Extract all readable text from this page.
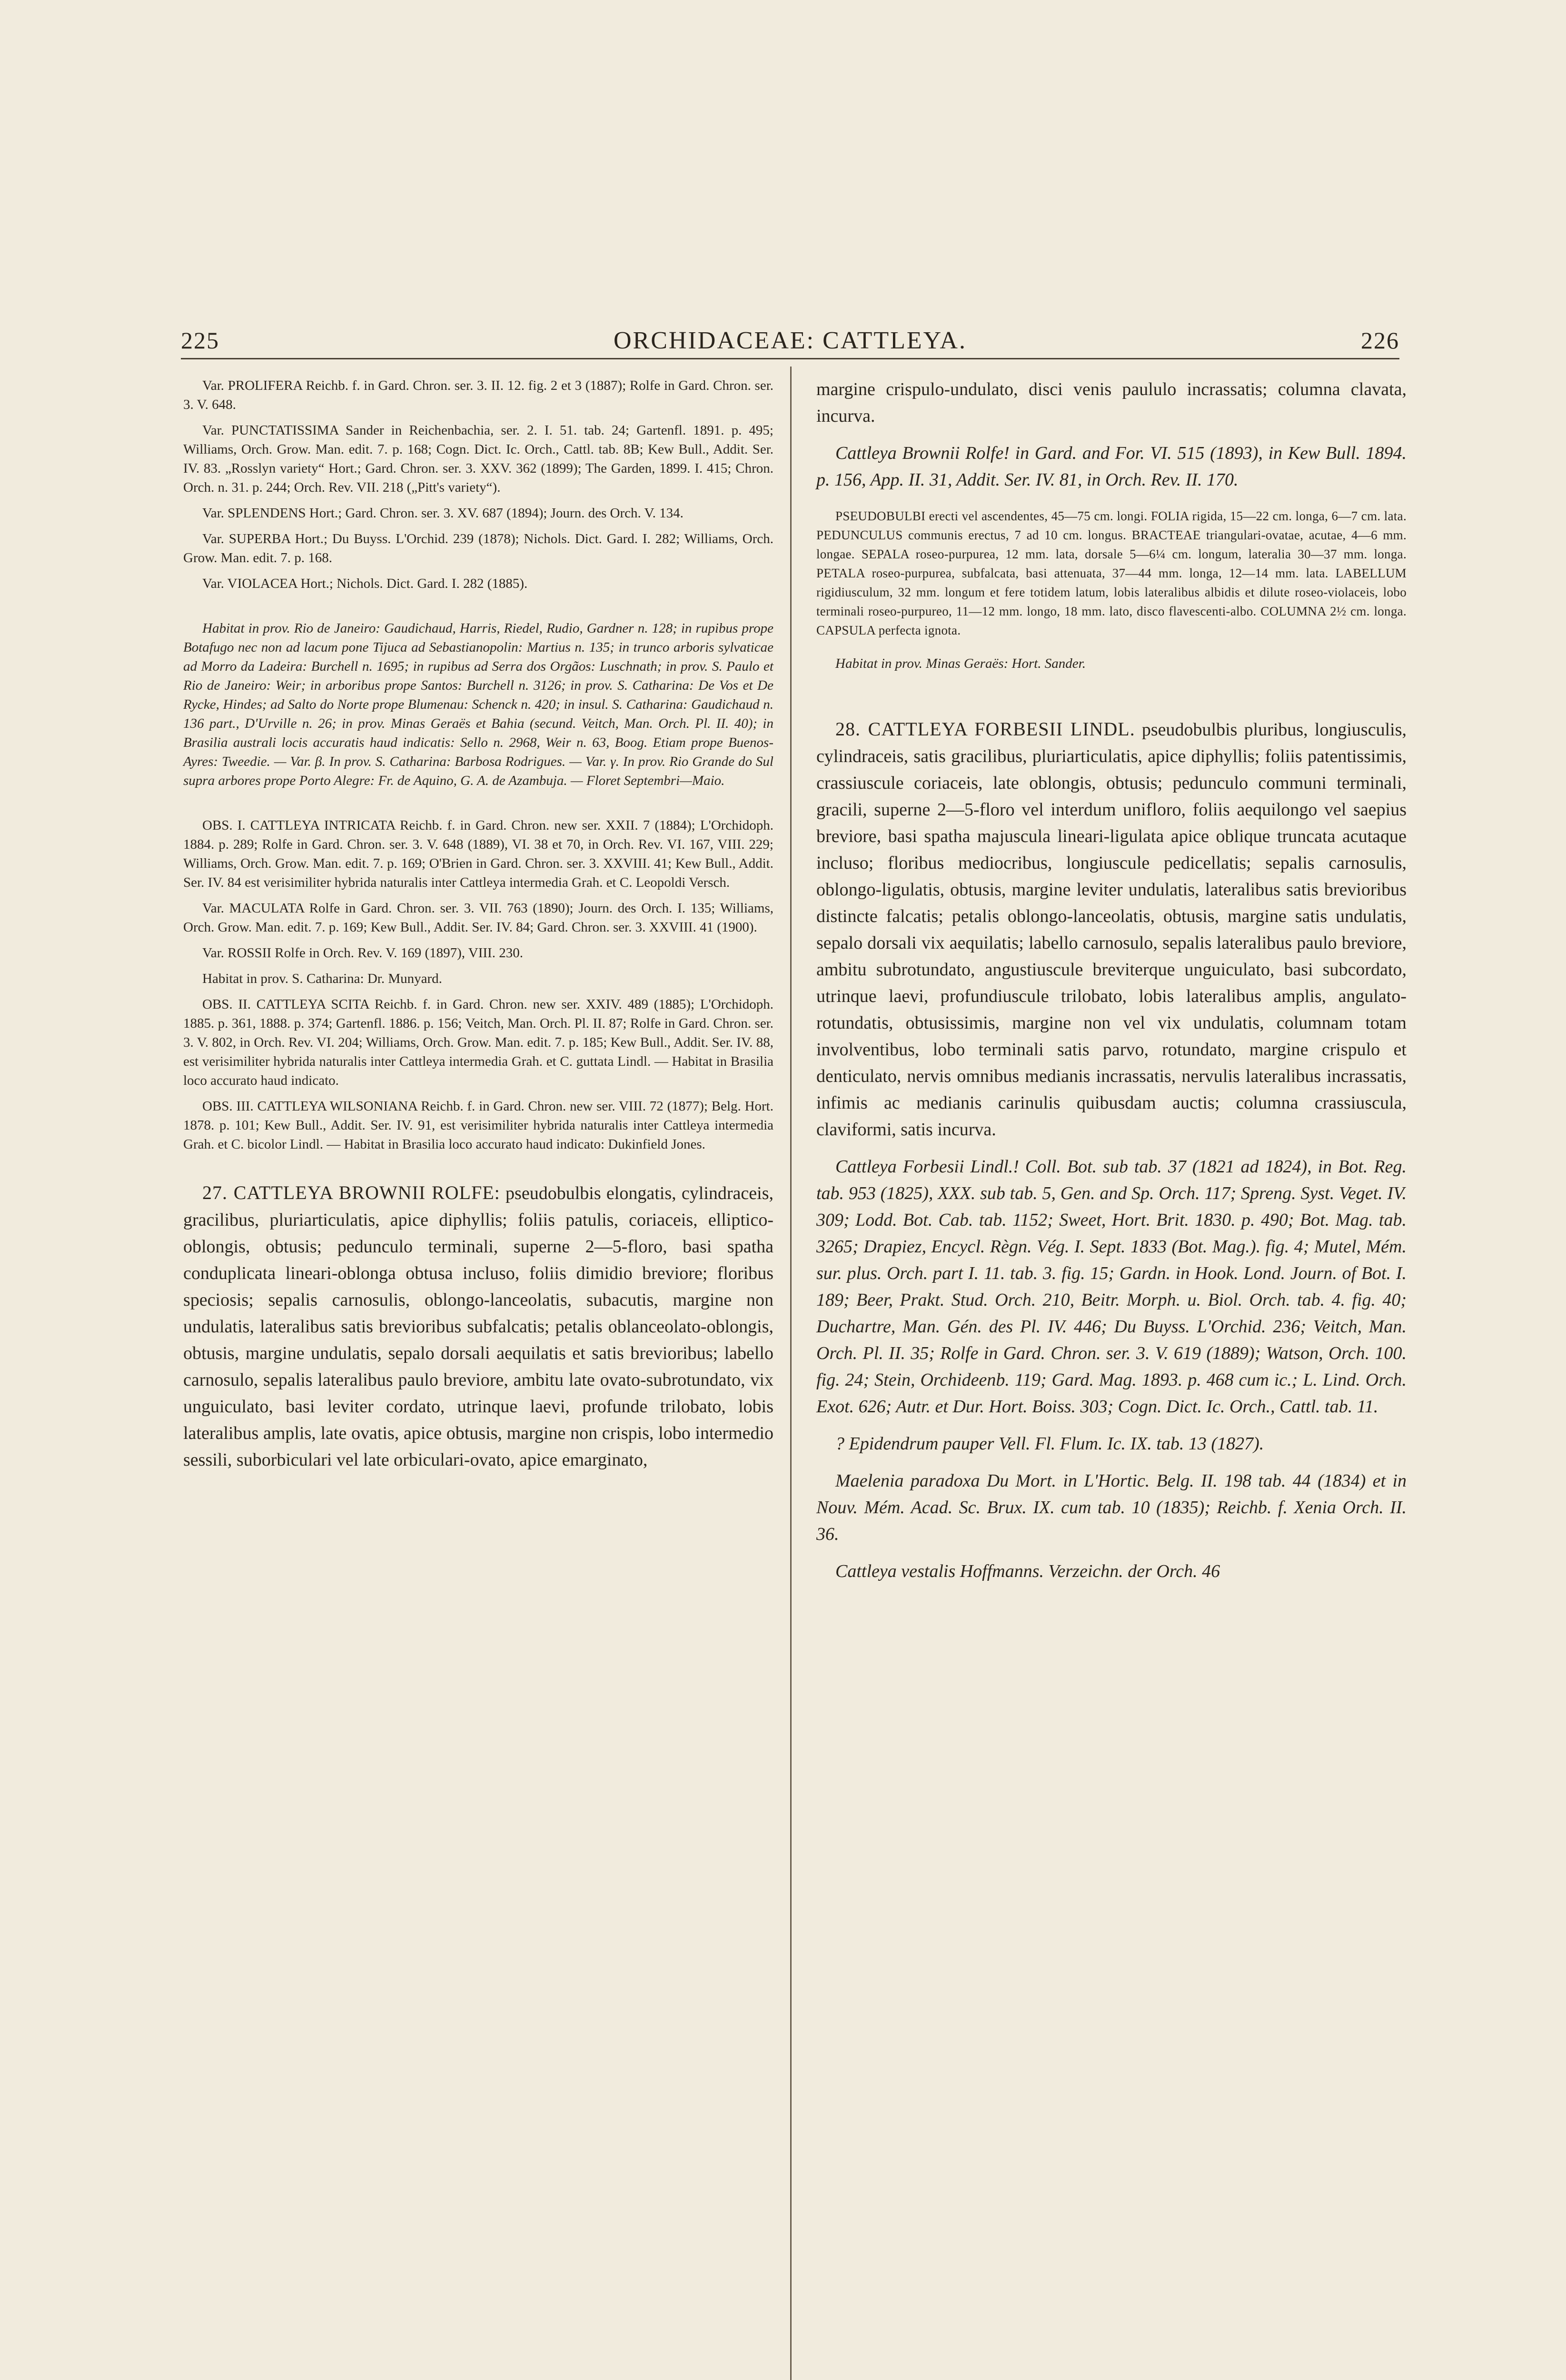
225	ORCHIDACEAE: CATTLEYA.	226

Var. PROLIFERA Reichb. f. in Gard. Chron. ser. 3. II. 12. fig. 2 et 3 (1887); Rolfe in Gard. Chron. ser. 3. V. 648.

Var. PUNCTATISSIMA Sander in Reichenbachia, ser. 2. I. 51. tab. 24; Gartenfl. 1891. p. 495; Williams, Orch. Grow. Man. edit. 7. p. 168; Cogn. Dict. Ic. Orch., Cattl. tab. 8B; Kew Bull., Addit. Ser. IV. 83. „Rosslyn variety“ Hort.; Gard. Chron. ser. 3. XXV. 362 (1899); The Garden, 1899. I. 415; Chron. Orch. n. 31. p. 244; Orch. Rev. VII. 218 („Pitt's variety“).

Var. SPLENDENS Hort.; Gard. Chron. ser. 3. XV. 687 (1894); Journ. des Orch. V. 134.

Var. SUPERBA Hort.; Du Buyss. L'Orchid. 239 (1878); Nichols. Dict. Gard. I. 282; Williams, Orch. Grow. Man. edit. 7. p. 168.

Var. VIOLACEA Hort.; Nichols. Dict. Gard. I. 282 (1885).

Habitat in prov. Rio de Janeiro: Gaudichaud, Harris, Riedel, Rudio, Gardner n. 128; in rupibus prope Botafugo nec non ad lacum pone Tijuca ad Sebastianopolin: Martius n. 135; in trunco arboris sylvaticae ad Morro da Ladeira: Burchell n. 1695; in rupibus ad Serra dos Orgãos: Luschnath; in prov. S. Paulo et Rio de Janeiro: Weir; in arboribus prope Santos: Burchell n. 3126; in prov. S. Catharina: De Vos et De Rycke, Hindes; ad Salto do Norte prope Blumenau: Schenck n. 420; in insul. S. Catharina: Gaudichaud n. 136 part., D'Urville n. 26; in prov. Minas Geraës et Bahia (secund. Veitch, Man. Orch. Pl. II. 40); in Brasilia australi locis accuratis haud indicatis: Sello n. 2968, Weir n. 63, Boog. Etiam prope Buenos-Ayres: Tweedie. — Var. β. In prov. S. Catharina: Barbosa Rodrigues. — Var. γ. In prov. Rio Grande do Sul supra arbores prope Porto Alegre: Fr. de Aquino, G. A. de Azambuja. — Floret Septembri—Maio.

OBS. I. CATTLEYA INTRICATA Reichb. f. in Gard. Chron. new ser. XXII. 7 (1884); L'Orchidoph. 1884. p. 289; Rolfe in Gard. Chron. ser. 3. V. 648 (1889), VI. 38 et 70, in Orch. Rev. VI. 167, VIII. 229; Williams, Orch. Grow. Man. edit. 7. p. 169; O'Brien in Gard. Chron. ser. 3. XXVIII. 41; Kew Bull., Addit. Ser. IV. 84 est verisimiliter hybrida naturalis inter Cattleya intermedia Grah. et C. Leopoldi Versch.

Var. MACULATA Rolfe in Gard. Chron. ser. 3. VII. 763 (1890); Journ. des Orch. I. 135; Williams, Orch. Grow. Man. edit. 7. p. 169; Kew Bull., Addit. Ser. IV. 84; Gard. Chron. ser. 3. XXVIII. 41 (1900).

Var. ROSSII Rolfe in Orch. Rev. V. 169 (1897), VIII. 230.

Habitat in prov. S. Catharina: Dr. Munyard.

OBS. II. CATTLEYA SCITA Reichb. f. in Gard. Chron. new ser. XXIV. 489 (1885); L'Orchidoph. 1885. p. 361, 1888. p. 374; Gartenfl. 1886. p. 156; Veitch, Man. Orch. Pl. II. 87; Rolfe in Gard. Chron. ser. 3. V. 802, in Orch. Rev. VI. 204; Williams, Orch. Grow. Man. edit. 7. p. 185; Kew Bull., Addit. Ser. IV. 88, est verisimiliter hybrida naturalis inter Cattleya intermedia Grah. et C. guttata Lindl. — Habitat in Brasilia loco accurato haud indicato.

OBS. III. CATTLEYA WILSONIANA Reichb. f. in Gard. Chron. new ser. VIII. 72 (1877); Belg. Hort. 1878. p. 101; Kew Bull., Addit. Ser. IV. 91, est verisimiliter hybrida naturalis inter Cattleya intermedia Grah. et C. bicolor Lindl. — Habitat in Brasilia loco accurato haud indicato: Dukinfield Jones.

27. CATTLEYA BROWNII ROLFE: pseudobulbis elongatis, cylindraceis, gracilibus, pluriarticulatis, apice diphyllis; foliis patulis, coriaceis, elliptico-oblongis, obtusis; pedunculo terminali, superne 2—5-floro, basi spatha conduplicata lineari-oblonga obtusa incluso, foliis dimidio breviore; floribus speciosis; sepalis carnosulis, oblongo-lanceolatis, subacutis, margine non undulatis, lateralibus satis brevioribus subfalcatis; petalis oblanceolato-oblongis, obtusis, margine undulatis, sepalo dorsali aequilatis et satis brevioribus; labello carnosulo, sepalis lateralibus paulo breviore, ambitu late ovato-subrotundato, vix unguiculato, basi leviter cordato, utrinque laevi, profunde trilobato, lobis lateralibus amplis, late ovatis, apice obtusis, margine non crispis, lobo intermedio sessili, suborbiculari vel late orbiculari-ovato, apice emarginato,

margine crispulo-undulato, disci venis paululo incrassatis; columna clavata, incurva.

Cattleya Brownii Rolfe! in Gard. and For. VI. 515 (1893), in Kew Bull. 1894. p. 156, App. II. 31, Addit. Ser. IV. 81, in Orch. Rev. II. 170.

PSEUDOBULBI erecti vel ascendentes, 45—75 cm. longi. FOLIA rigida, 15—22 cm. longa, 6—7 cm. lata. PEDUNCULUS communis erectus, 7 ad 10 cm. longus. BRACTEAE triangulari-ovatae, acutae, 4—6 mm. longae. SEPALA roseo-purpurea, 12 mm. lata, dorsale 5—6¼ cm. longum, lateralia 30—37 mm. longa. PETALA roseo-purpurea, subfalcata, basi attenuata, 37—44 mm. longa, 12—14 mm. lata. LABELLUM rigidiusculum, 32 mm. longum et fere totidem latum, lobis lateralibus albidis et dilute roseo-violaceis, lobo terminali roseo-purpureo, 11—12 mm. longo, 18 mm. lato, disco flavescenti-albo. COLUMNA 2½ cm. longa. CAPSULA perfecta ignota.

Habitat in prov. Minas Geraës: Hort. Sander.

28. CATTLEYA FORBESII LINDL. pseudobulbis pluribus, longiusculis, cylindraceis, satis gracilibus, pluriarticulatis, apice diphyllis; foliis patentissimis, crassiuscule coriaceis, late oblongis, obtusis; pedunculo communi terminali, gracili, superne 2—5-floro vel interdum unifloro, foliis aequilongo vel saepius breviore, basi spatha majuscula lineari-ligulata apice oblique truncata acutaque incluso; floribus mediocribus, longiuscule pedicellatis; sepalis carnosulis, oblongo-ligulatis, obtusis, margine leviter undulatis, lateralibus satis brevioribus distincte falcatis; petalis oblongo-lanceolatis, obtusis, margine satis undulatis, sepalo dorsali vix aequilatis; labello carnosulo, sepalis lateralibus paulo breviore, ambitu subrotundato, angustiuscule breviterque unguiculato, basi subcordato, utrinque laevi, profundiuscule trilobato, lobis lateralibus amplis, angulato-rotundatis, obtusissimis, margine non vel vix undulatis, columnam totam involventibus, lobo terminali satis parvo, rotundato, margine crispulo et denticulato, nervis omnibus medianis incrassatis, nervulis lateralibus incrassatis, infimis ac medianis carinulis quibusdam auctis; columna crassiuscula, claviformi, satis incurva.

Cattleya Forbesii Lindl.! Coll. Bot. sub tab. 37 (1821 ad 1824), in Bot. Reg. tab. 953 (1825), XXX. sub tab. 5, Gen. and Sp. Orch. 117; Spreng. Syst. Veget. IV. 309; Lodd. Bot. Cab. tab. 1152; Sweet, Hort. Brit. 1830. p. 490; Bot. Mag. tab. 3265; Drapiez, Encycl. Règn. Vég. I. Sept. 1833 (Bot. Mag.). fig. 4; Mutel, Mém. sur. plus. Orch. part I. 11. tab. 3. fig. 15; Gardn. in Hook. Lond. Journ. of Bot. I. 189; Beer, Prakt. Stud. Orch. 210, Beitr. Morph. u. Biol. Orch. tab. 4. fig. 40; Duchartre, Man. Gén. des Pl. IV. 446; Du Buyss. L'Orchid. 236; Veitch, Man. Orch. Pl. II. 35; Rolfe in Gard. Chron. ser. 3. V. 619 (1889); Watson, Orch. 100. fig. 24; Stein, Orchideenb. 119; Gard. Mag. 1893. p. 468 cum ic.; L. Lind. Orch. Exot. 626; Autr. et Dur. Hort. Boiss. 303; Cogn. Dict. Ic. Orch., Cattl. tab. 11.

? Epidendrum pauper Vell. Fl. Flum. Ic. IX. tab. 13 (1827).

Maelenia paradoxa Du Mort. in L'Hortic. Belg. II. 198 tab. 44 (1834) et in Nouv. Mém. Acad. Sc. Brux. IX. cum tab. 10 (1835); Reichb. f. Xenia Orch. II. 36.

Cattleya vestalis Hoffmanns. Verzeichn. der Orch. 46
